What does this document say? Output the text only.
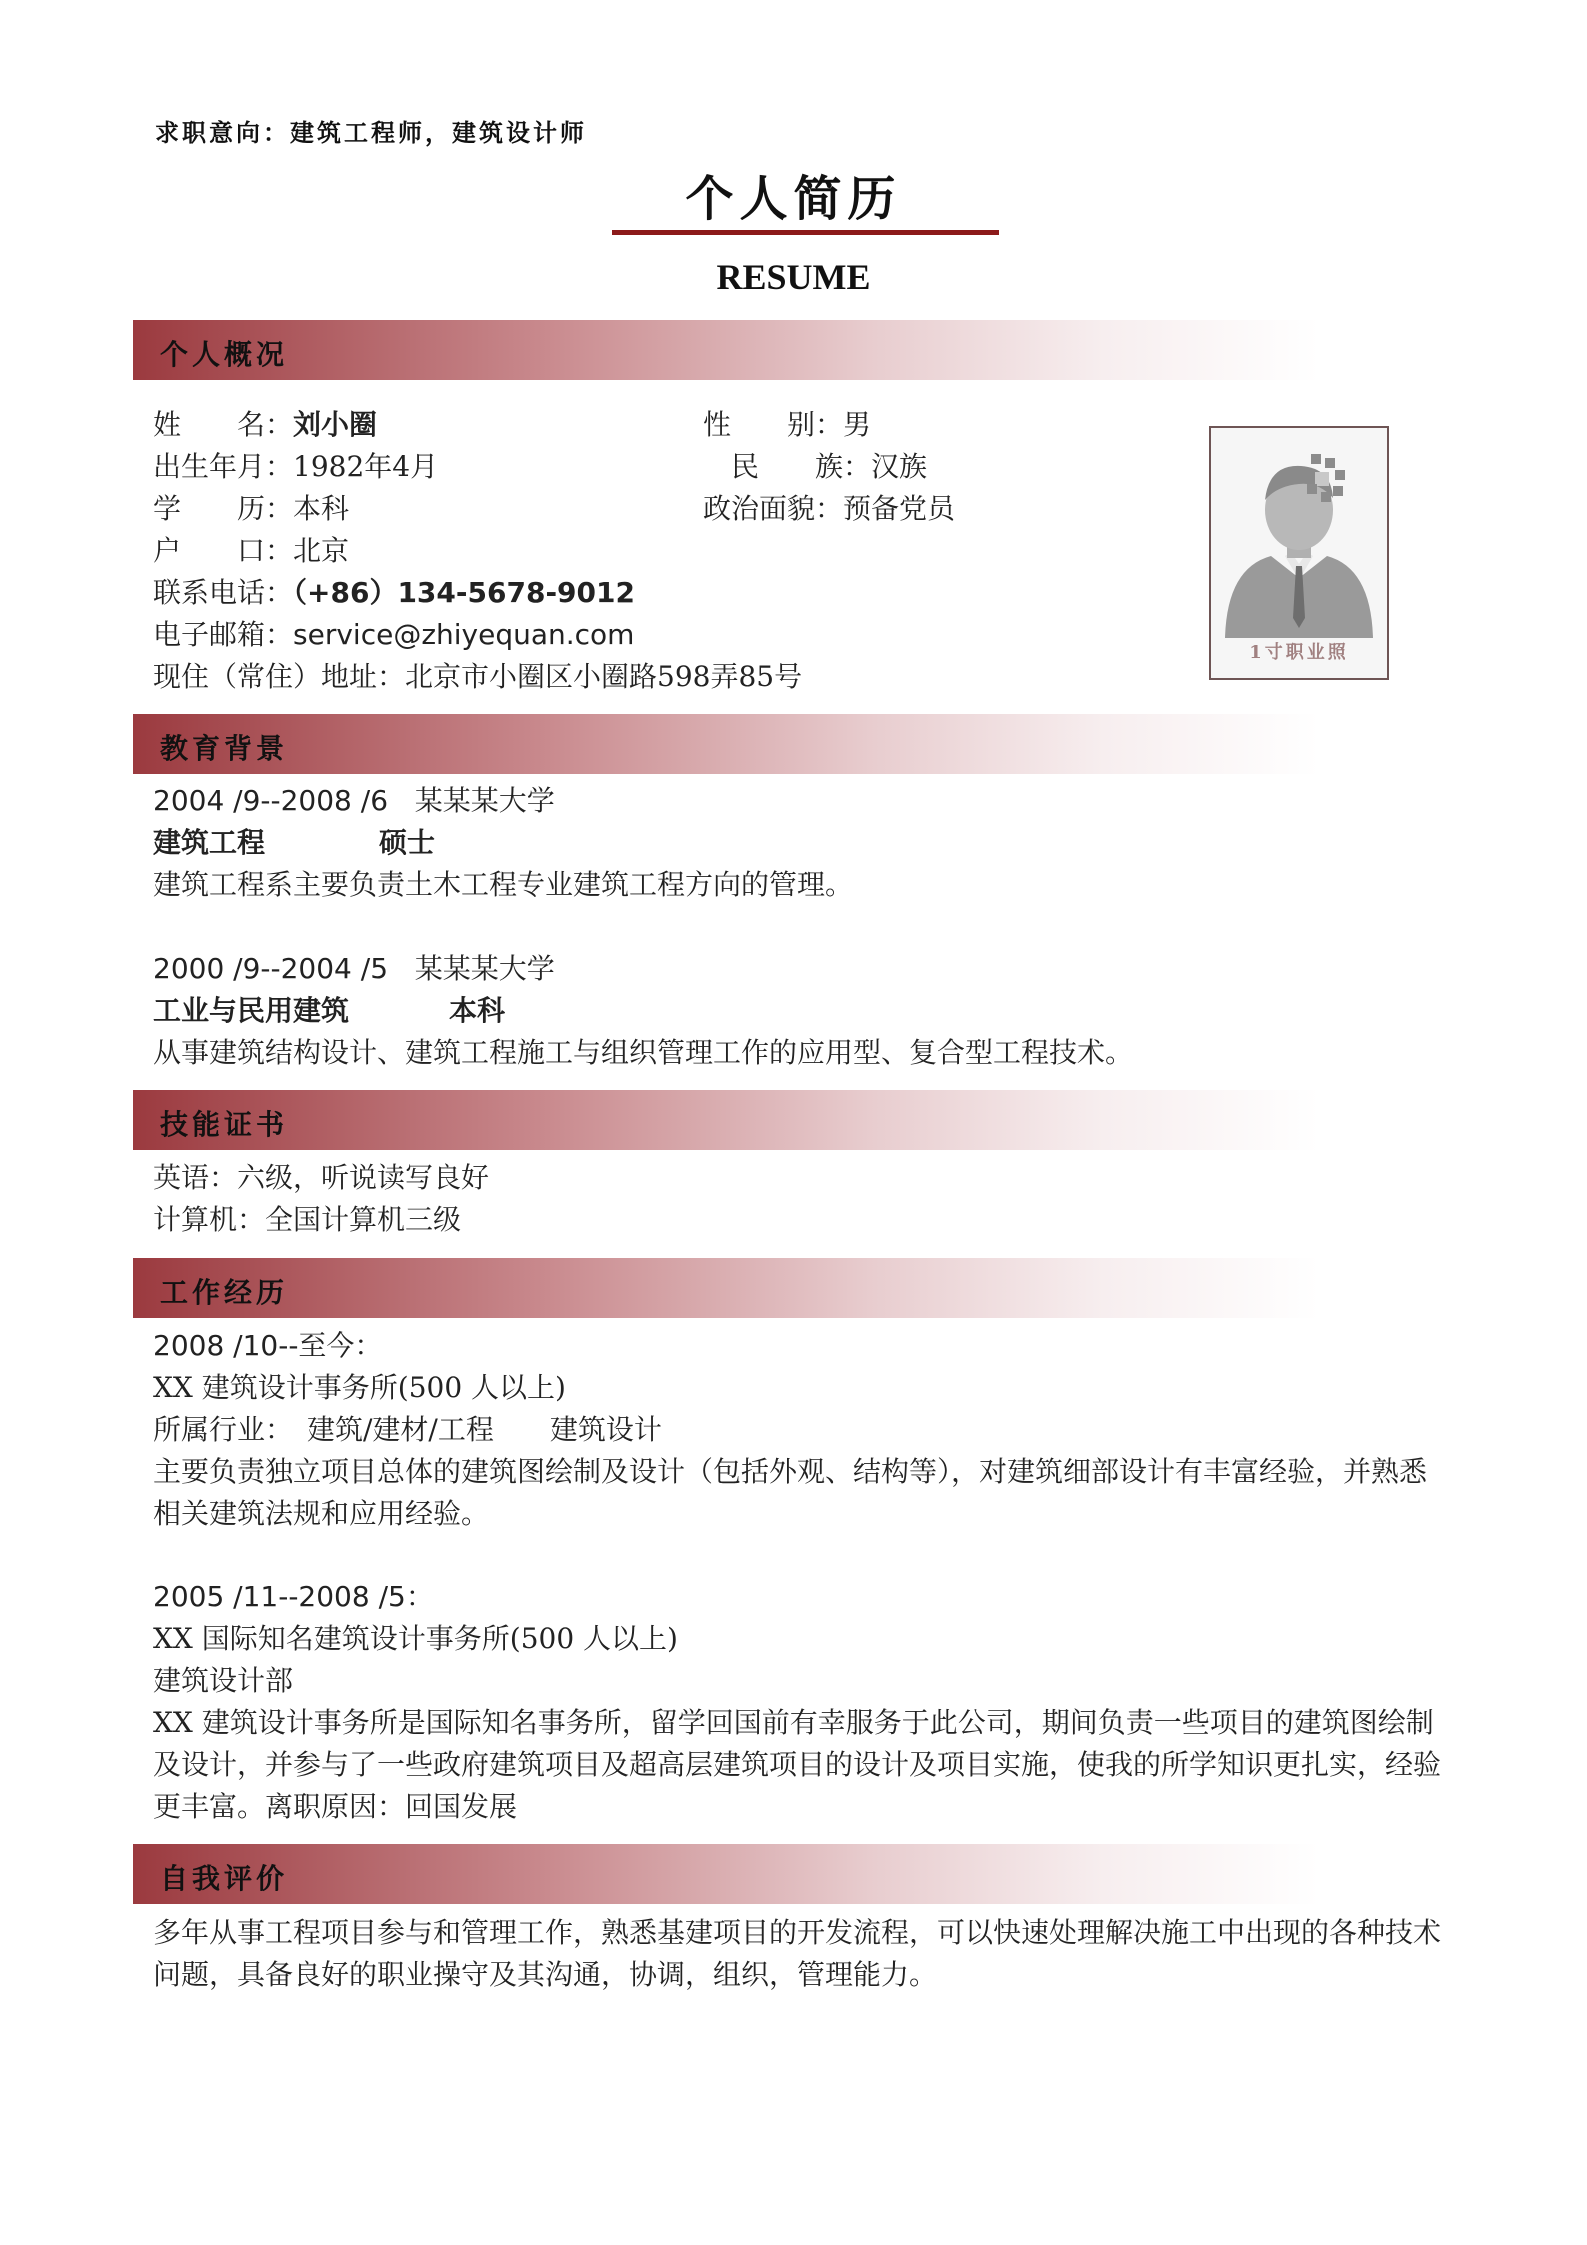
求职意向：建筑工程师，建筑设计师
个人简历
RESUME
个人概况
姓　　名：刘小圈	性　　别：男
出生年月：1982年4月	民　　族：汉族
学　　历：本科	政治面貌：预备党员
户　　口：北京
联系电话：（+86）134-5678-9012
电子邮箱：service@zhiyequan.com
现住（常住）地址：北京市小圈区小圈路598弄85号
1寸职业照
教育背景
2004 /9--2008 /6 某某某大学
建筑工程	硕士
建筑工程系主要负责土木工程专业建筑工程方向的管理。
2000 /9--2004 /5 某某某大学
工业与民用建筑	本科
从事建筑结构设计、建筑工程施工与组织管理工作的应用型、复合型工程技术。
技能证书
英语：六级，听说读写良好
计算机：全国计算机三级
工作经历
2008 /10--至今：
XX 建筑设计事务所(500 人以上)
所属行业：　建筑/建材/工程　　建筑设计
主要负责独立项目总体的建筑图绘制及设计（包括外观、结构等），对建筑细部设计有丰富经验，并熟悉
相关建筑法规和应用经验。
2005 /11--2008 /5：
XX 国际知名建筑设计事务所(500 人以上)
建筑设计部
XX 建筑设计事务所是国际知名事务所，留学回国前有幸服务于此公司，期间负责一些项目的建筑图绘制
及设计，并参与了一些政府建筑项目及超高层建筑项目的设计及项目实施，使我的所学知识更扎实，经验
更丰富。离职原因：回国发展
自我评价
多年从事工程项目参与和管理工作，熟悉基建项目的开发流程，可以快速处理解决施工中出现的各种技术
问题，具备良好的职业操守及其沟通，协调，组织，管理能力。
